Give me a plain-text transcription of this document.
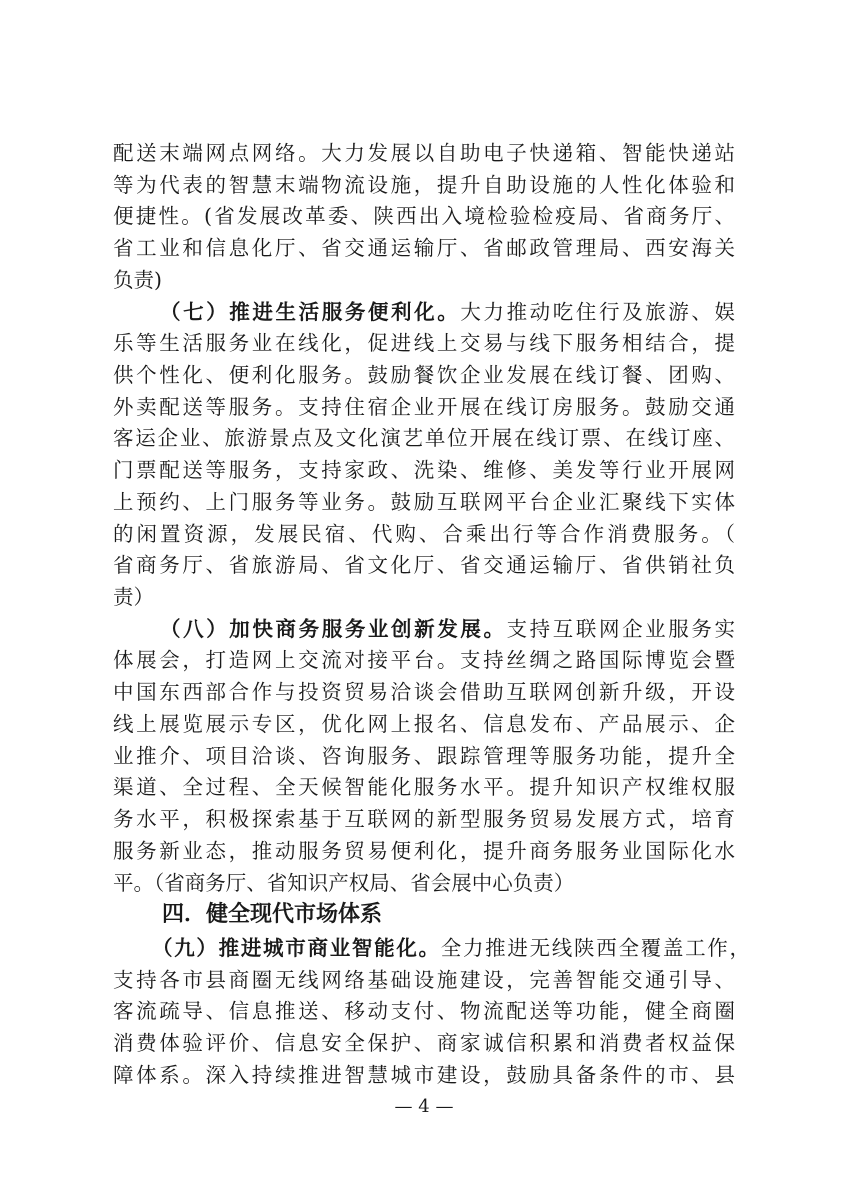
配送末端网点网络。大力发展以自助电子快递箱、智能快递站
等为代表的智慧末端物流设施，提升自助设施的人性化体验和
便捷性。(省发展改革委、陕西出入境检验检疫局、省商务厅、
省工业和信息化厅、省交通运输厅、省邮政管理局、西安海关
负责)
（七）推进生活服务便利化。大力推动吃住行及旅游、娱
乐等生活服务业在线化，促进线上交易与线下服务相结合，提
供个性化、便利化服务。鼓励餐饮企业发展在线订餐、团购、
外卖配送等服务。支持住宿企业开展在线订房服务。鼓励交通
客运企业、旅游景点及文化演艺单位开展在线订票、在线订座、
门票配送等服务，支持家政、洗染、维修、美发等行业开展网
上预约、上门服务等业务。鼓励互联网平台企业汇聚线下实体
的闲置资源，发展民宿、代购、合乘出行等合作消费服务。（
省商务厅、省旅游局、省文化厅、省交通运输厅、省供销社负
责）
（八）加快商务服务业创新发展。支持互联网企业服务实
体展会，打造网上交流对接平台。支持丝绸之路国际博览会暨
中国东西部合作与投资贸易洽谈会借助互联网创新升级，开设
线上展览展示专区，优化网上报名、信息发布、产品展示、企
业推介、项目洽谈、咨询服务、跟踪管理等服务功能，提升全
渠道、全过程、全天候智能化服务水平。提升知识产权维权服
务水平，积极探索基于互联网的新型服务贸易发展方式，培育
服务新业态，推动服务贸易便利化，提升商务服务业国际化水
平。（省商务厅、省知识产权局、省会展中心负责）
四．健全现代市场体系
（九）推进城市商业智能化。全力推进无线陕西全覆盖工作，
支持各市县商圈无线网络基础设施建设，完善智能交通引导、
客流疏导、信息推送、移动支付、物流配送等功能，健全商圈
消费体验评价、信息安全保护、商家诚信积累和消费者权益保
障体系。深入持续推进智慧城市建设，鼓励具备条件的市、县
— 4 —
